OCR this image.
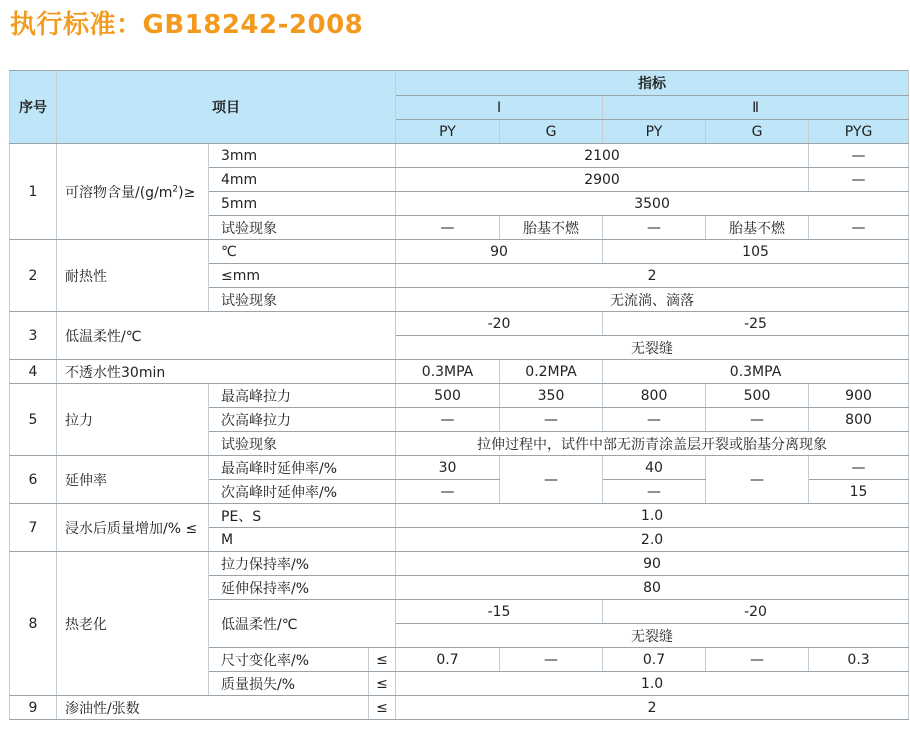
执行标准：GB18242-2008
序号	项目			指标				
				Ⅰ		Ⅱ		
				PY	G	PY	G	PYG
1	可溶物含量$/(g/m^2)\ge$	3mm		2100				—
		4mm		2900				—
		5mm		3500				
		试验现象		—	胎基不燃	—	胎基不燃	—
2	耐热性	℃		90		105		
		≤mm		2				
		试验现象		无流淌、滴落				
3	低温柔性/℃			-20		-25		
				无裂缝				
4	不透水性30min			0.3MPA	0.2MPA	0.3MPA		
5	拉力	最高峰拉力		500	350	800	500	900
		次高峰拉力		—	—	—	—	800
		试验现象		拉伸过程中，试件中部无沥青涂盖层开裂或胎基分离现象				
6	延伸率	最高峰时延伸率/%		30	—	40	—	—
		次高峰时延伸率/%		—		—		15
7	浸水后质量增加/% ≤	PE、S		1.0				
		M		2.0				
8	热老化	拉力保持率/%		90				
		延伸保持率/%		80				
		低温柔性/℃		-15		-20		
				无裂缝				
		尺寸变化率/%	≤	0.7	—	0.7	—	0.3
		质量损失/%	≤	1.0				
9	渗油性/张数		≤	2				
